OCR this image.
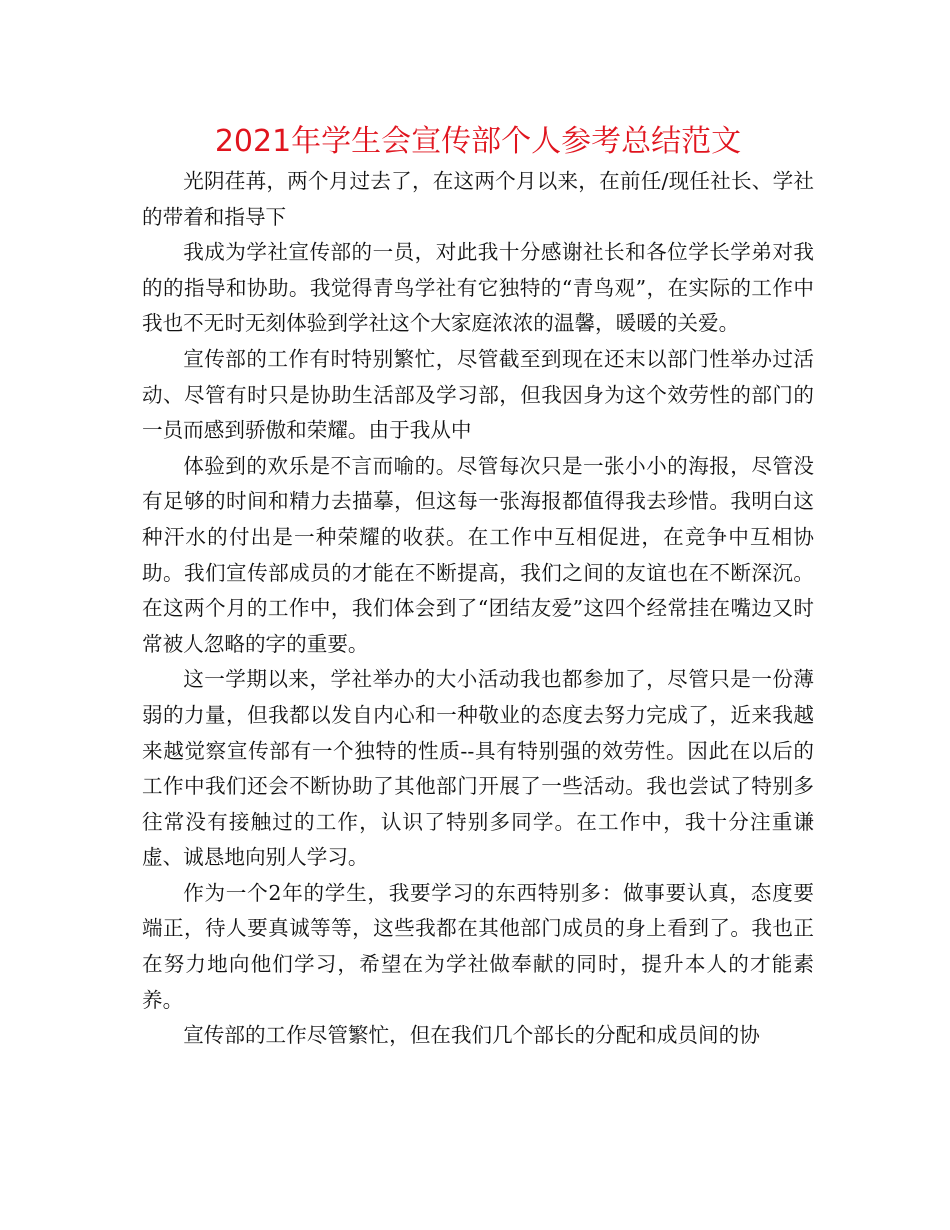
2021年学生会宣传部个人参考总结范文

光阴荏苒，两个月过去了，在这两个月以来，在前任/现任社长、学社的带着和指导下

我成为学社宣传部的一员，对此我十分感谢社长和各位学长学弟对我的的指导和协助。我觉得青鸟学社有它独特的“青鸟观”，在实际的工作中我也不无时无刻体验到学社这个大家庭浓浓的温馨，暖暖的关爱。

宣传部的工作有时特别繁忙，尽管截至到现在还末以部门性举办过活动、尽管有时只是协助生活部及学习部，但我因身为这个效劳性的部门的一员而感到骄傲和荣耀。由于我从中

体验到的欢乐是不言而喻的。尽管每次只是一张小小的海报，尽管没有足够的时间和精力去描摹，但这每一张海报都值得我去珍惜。我明白这种汗水的付出是一种荣耀的收获。在工作中互相促进，在竞争中互相协助。我们宣传部成员的才能在不断提高，我们之间的友谊也在不断深沉。在这两个月的工作中，我们体会到了“团结友爱”这四个经常挂在嘴边又时常被人忽略的字的重要。

这一学期以来，学社举办的大小活动我也都参加了，尽管只是一份薄弱的力量，但我都以发自内心和一种敬业的态度去努力完成了，近来我越来越觉察宣传部有一个独特的性质--具有特别强的效劳性。因此在以后的工作中我们还会不断协助了其他部门开展了一些活动。我也尝试了特别多往常没有接触过的工作，认识了特别多同学。在工作中，我十分注重谦虚、诚恳地向别人学习。

作为一个2年的学生，我要学习的东西特别多：做事要认真，态度要端正，待人要真诚等等，这些我都在其他部门成员的身上看到了。我也正在努力地向他们学习，希望在为学社做奉献的同时，提升本人的才能素养。

宣传部的工作尽管繁忙，但在我们几个部长的分配和成员间的协
